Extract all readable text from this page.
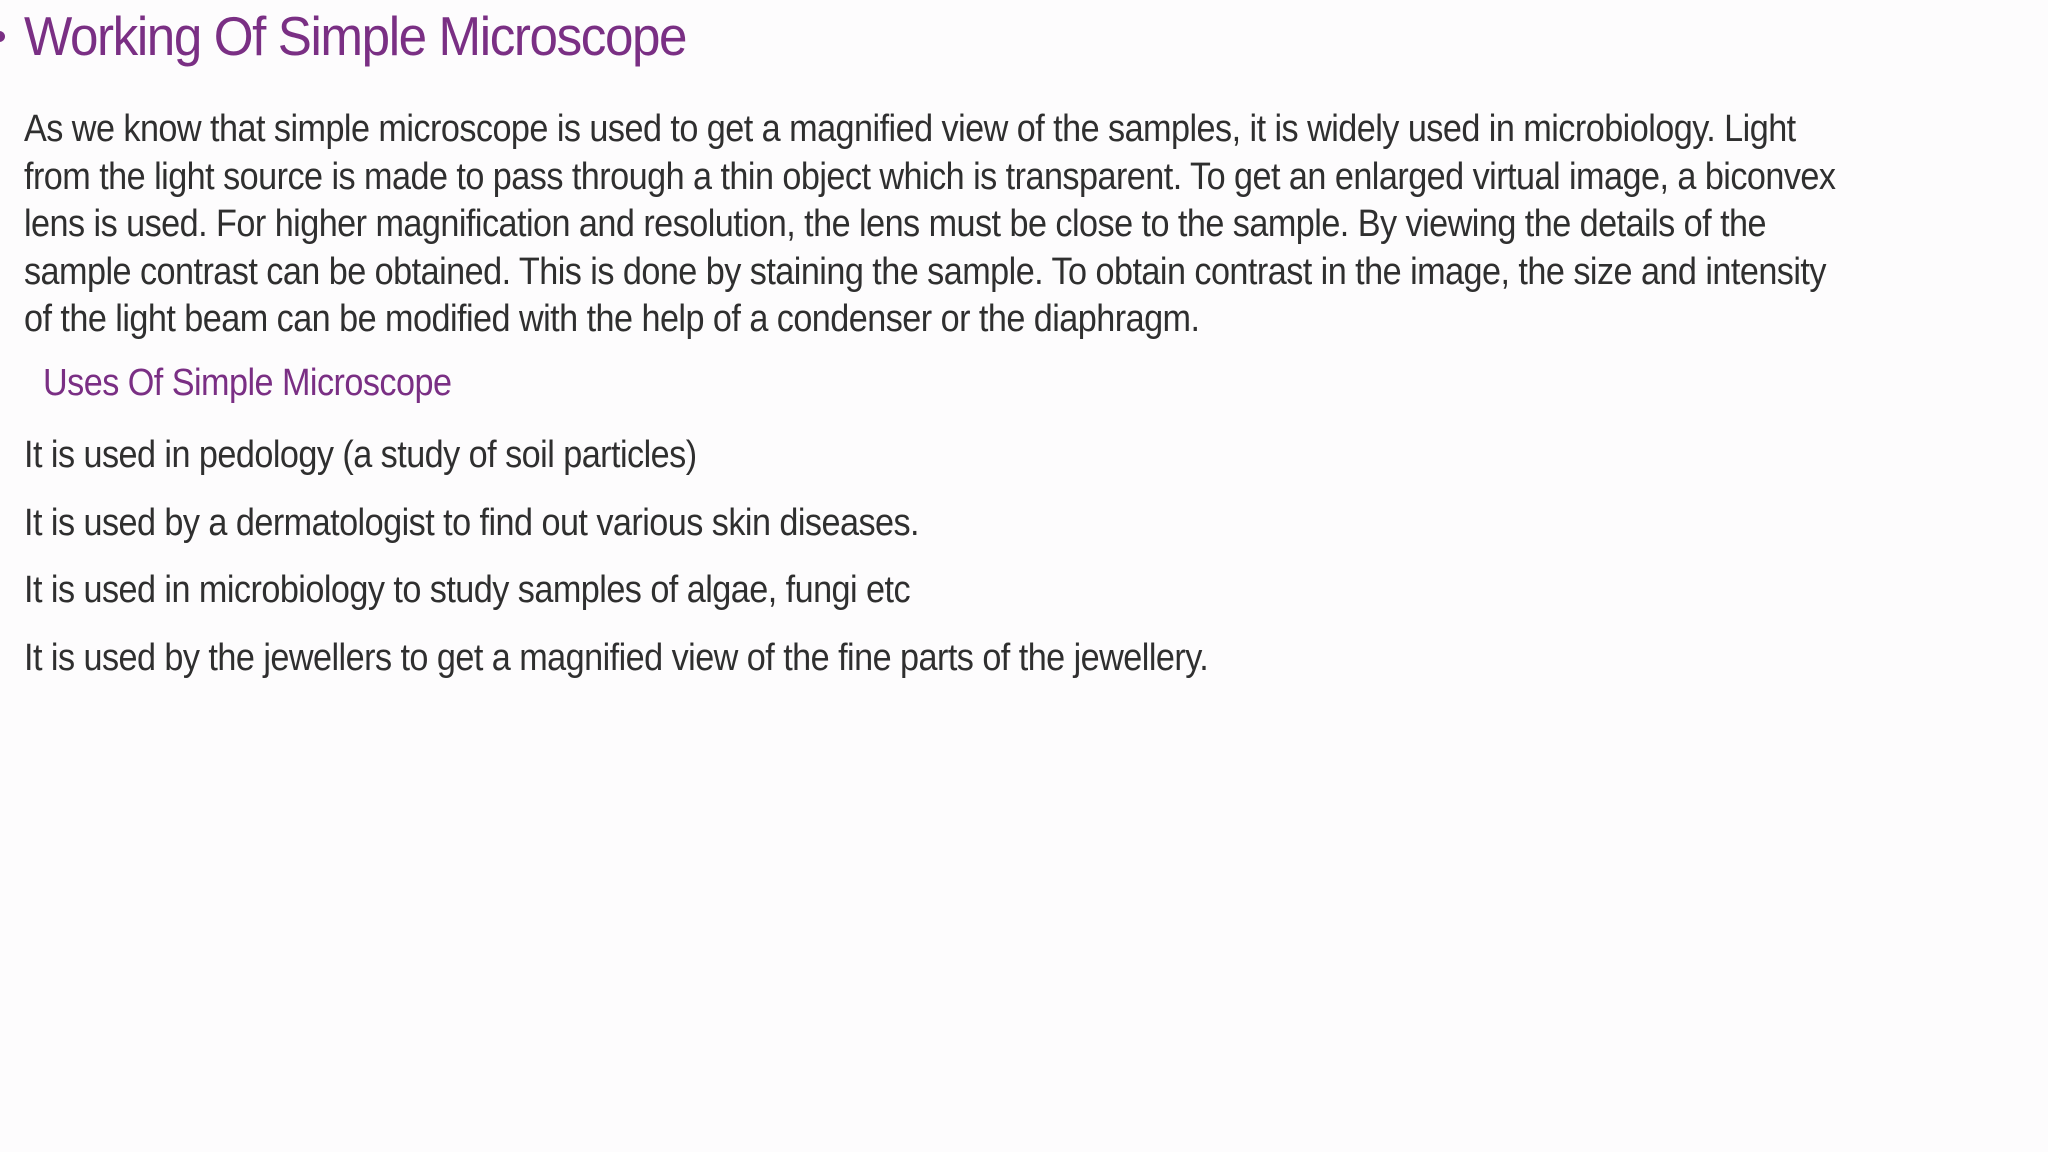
Working Of Simple Microscope

As we know that simple microscope is used to get a magnified view of the samples, it is widely used in microbiology. Light from the light source is made to pass through a thin object which is transparent. To get an enlarged virtual image, a biconvex lens is used. For higher magnification and resolution, the lens must be close to the sample. By viewing the details of the sample contrast can be obtained. This is done by staining the sample. To obtain contrast in the image, the size and intensity of the light beam can be modified with the help of a condenser or the diaphragm.

Uses Of Simple Microscope
It is used in pedology (a study of soil particles)
It is used by a dermatologist to find out various skin diseases.
It is used in microbiology to study samples of algae, fungi etc
It is used by the jewellers to get a magnified view of the fine parts of the jewellery.
